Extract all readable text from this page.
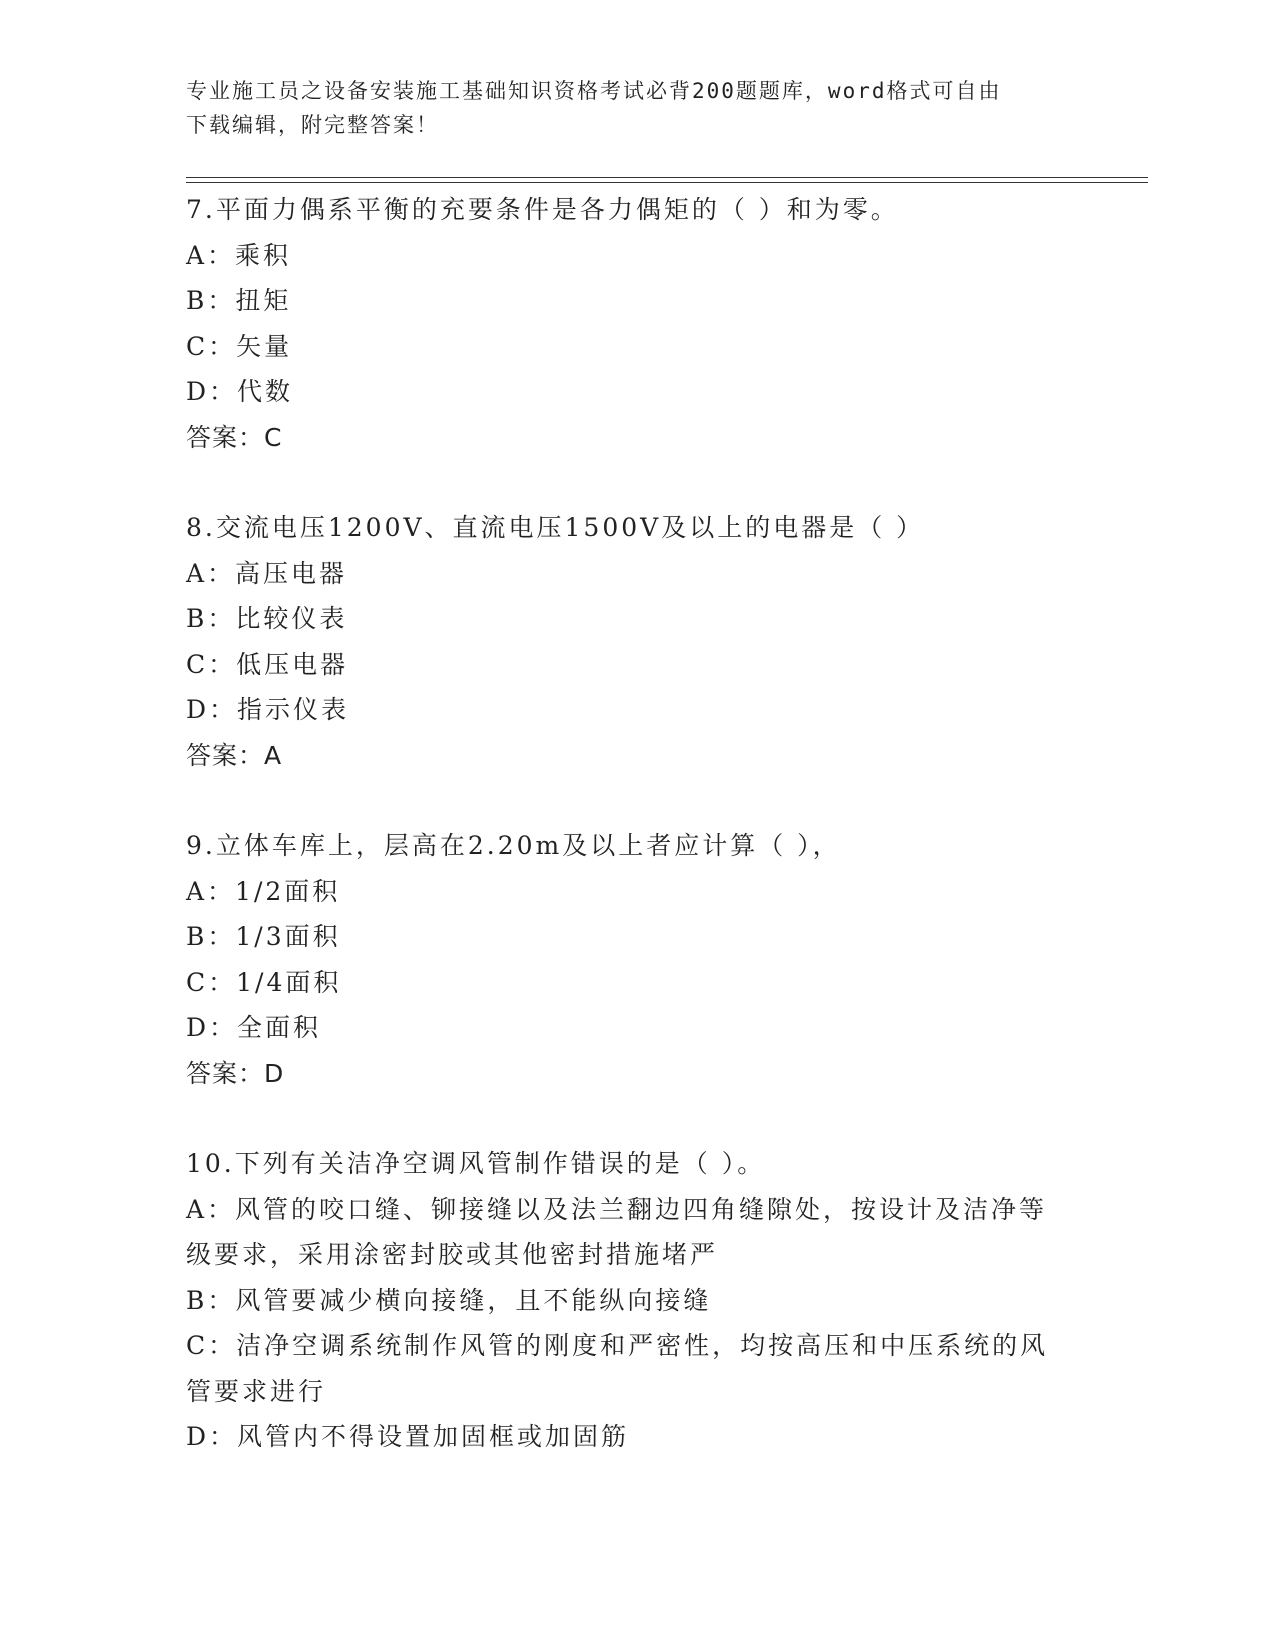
专业施工员之设备安装施工基础知识资格考试必背200题题库，word格式可自由
下载编辑，附完整答案！
7.平面力偶系平衡的充要条件是各力偶矩的（ ）和为零。
A：乘积
B：扭矩
C：矢量
D：代数
答案：C
8.交流电压1200V、直流电压1500V及以上的电器是（ ）
A：高压电器
B：比较仪表
C：低压电器
D：指示仪表
答案：A
9.立体车库上，层高在2.20m及以上者应计算（ ），
A：1/2面积
B：1/3面积
C：1/4面积
D：全面积
答案：D
10.下列有关洁净空调风管制作错误的是（ ）。
A：风管的咬口缝、铆接缝以及法兰翻边四角缝隙处，按设计及洁净等级要求，采用涂密封胶或其他密封措施堵严
B：风管要减少横向接缝，且不能纵向接缝
C：洁净空调系统制作风管的刚度和严密性，均按高压和中压系统的风管要求进行
D：风管内不得设置加固框或加固筋
